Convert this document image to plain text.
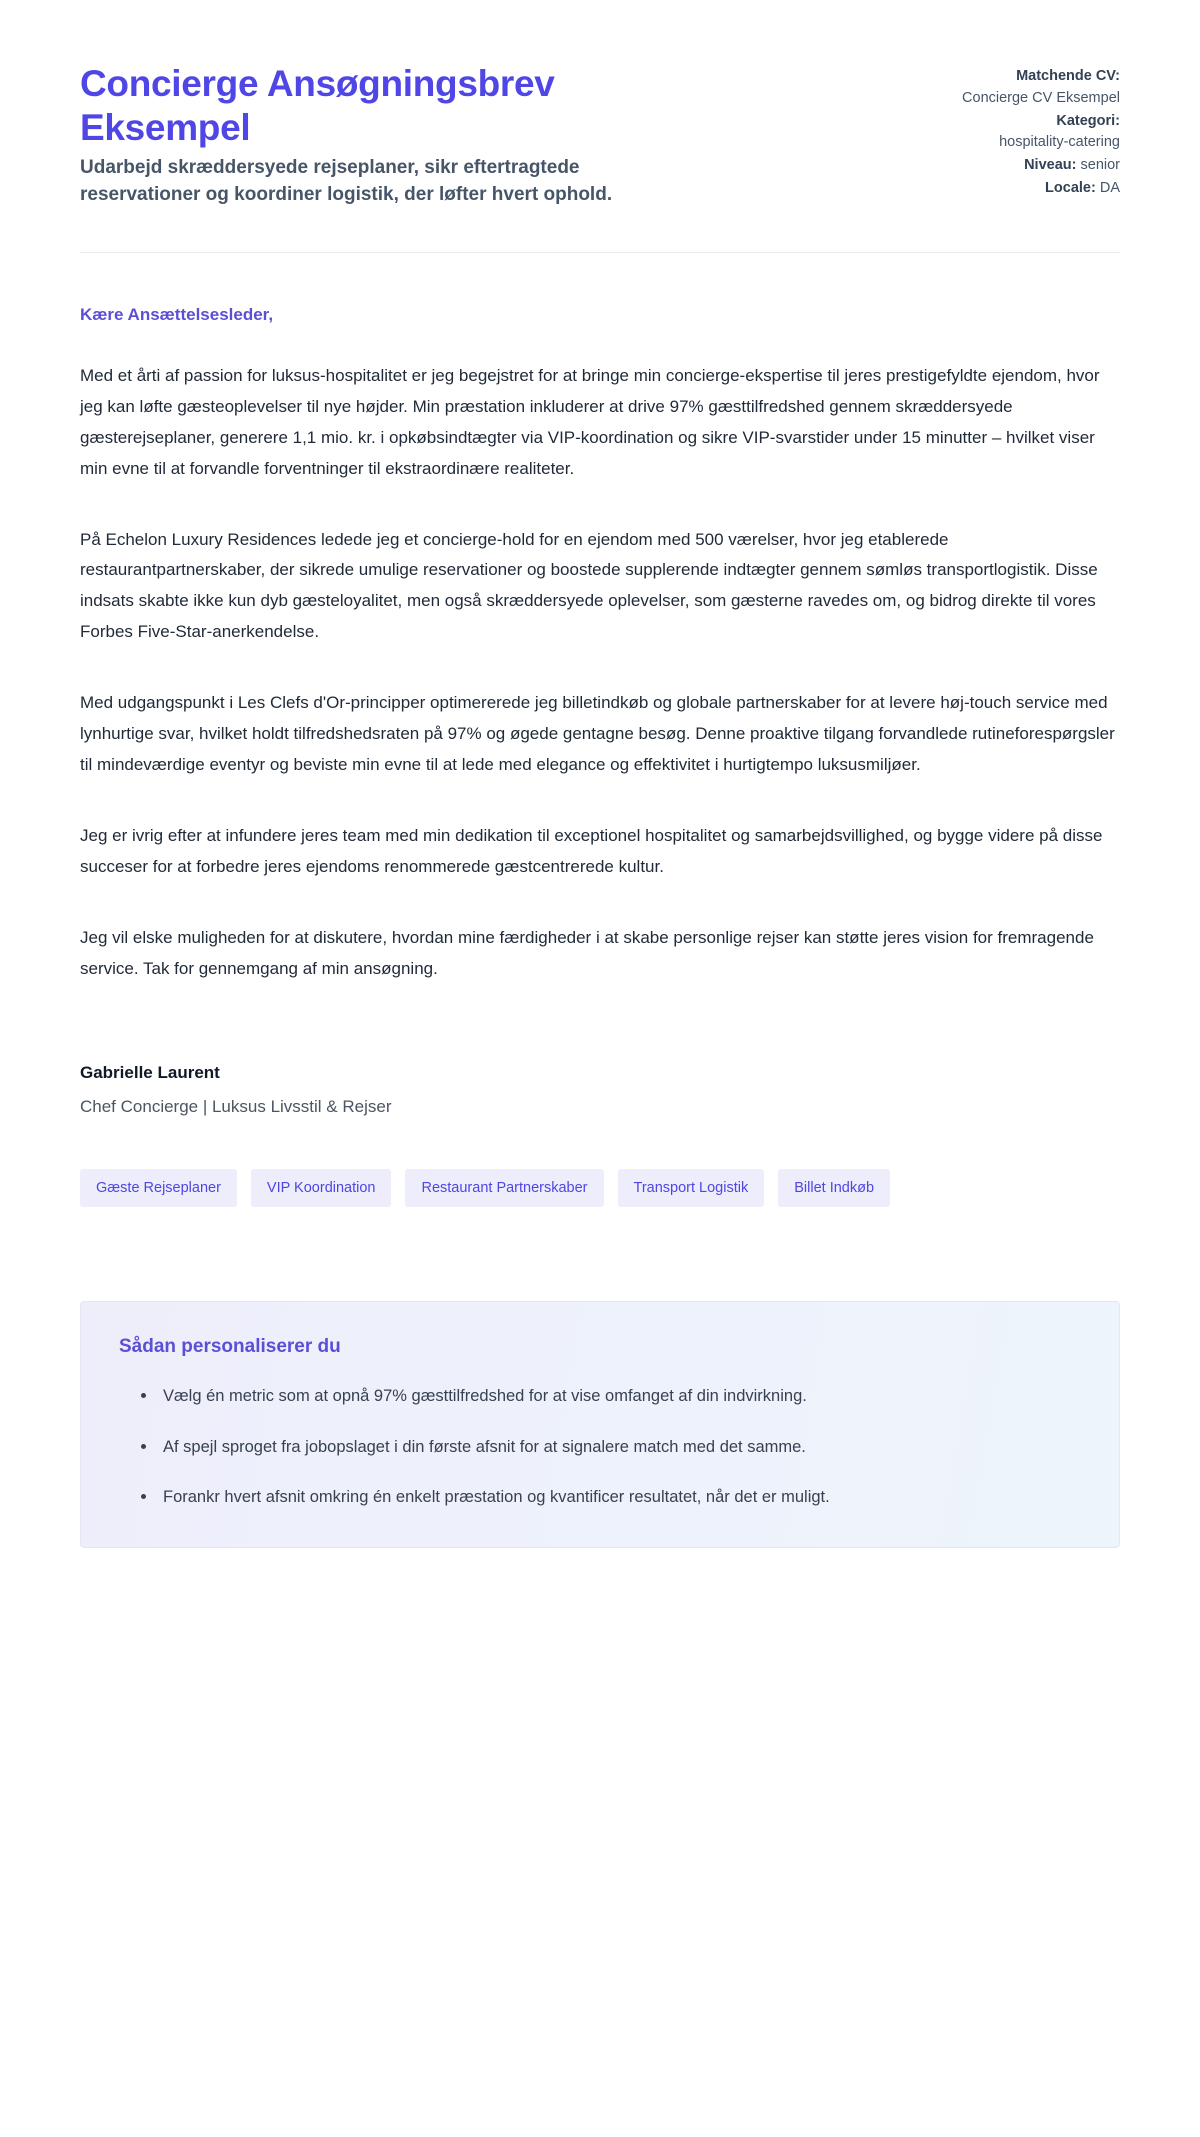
Concierge Ansøgningsbrev Eksempel

Udarbejd skræddersyede rejseplaner, sikr eftertragtede reservationer og koordiner logistik, der løfter hvert ophold.

Matchende CV:
Concierge CV Eksempel
Kategori:
hospitality-catering
Niveau: senior
Locale: DA

Kære Ansættelsesleder,

Med et årti af passion for luksus-hospitalitet er jeg begejstret for at bringe min concierge-ekspertise til jeres prestigefyldte ejendom, hvor jeg kan løfte gæsteoplevelser til nye højder. Min præstation inkluderer at drive 97% gæsttilfredshed gennem skræddersyede gæsterejseplaner, generere 1,1 mio. kr. i opkøbsindtægter via VIP-koordination og sikre VIP-svarstider under 15 minutter – hvilket viser min evne til at forvandle forventninger til ekstraordinære realiteter.

På Echelon Luxury Residences ledede jeg et concierge-hold for en ejendom med 500 værelser, hvor jeg etablerede restaurantpartnerskaber, der sikrede umulige reservationer og boostede supplerende indtægter gennem sømløs transportlogistik. Disse indsats skabte ikke kun dyb gæsteloyalitet, men også skræddersyede oplevelser, som gæsterne ravedes om, og bidrog direkte til vores Forbes Five-Star-anerkendelse.

Med udgangspunkt i Les Clefs d'Or-principper optimererede jeg billetindkøb og globale partnerskaber for at levere høj-touch service med lynhurtige svar, hvilket holdt tilfredshedsraten på 97% og øgede gentagne besøg. Denne proaktive tilgang forvandlede rutineforespørgsler til mindeværdige eventyr og beviste min evne til at lede med elegance og effektivitet i hurtigtempo luksusmiljøer.

Jeg er ivrig efter at infundere jeres team med min dedikation til exceptionel hospitalitet og samarbejdsvillighed, og bygge videre på disse succeser for at forbedre jeres ejendoms renommerede gæstcentrerede kultur.

Jeg vil elske muligheden for at diskutere, hvordan mine færdigheder i at skabe personlige rejser kan støtte jeres vision for fremragende service. Tak for gennemgang af min ansøgning.

Gabrielle Laurent

Chef Concierge | Luksus Livsstil & Rejser

Gæste Rejseplaner	VIP Koordination	Restaurant Partnerskaber	Transport Logistik	Billet Indkøb
Sådan personaliserer du
Vælg én metric som at opnå 97% gæsttilfredshed for at vise omfanget af din indvirkning.
Af spejl sproget fra jobopslaget i din første afsnit for at signalere match med det samme.
Forankr hvert afsnit omkring én enkelt præstation og kvantificer resultatet, når det er muligt.
